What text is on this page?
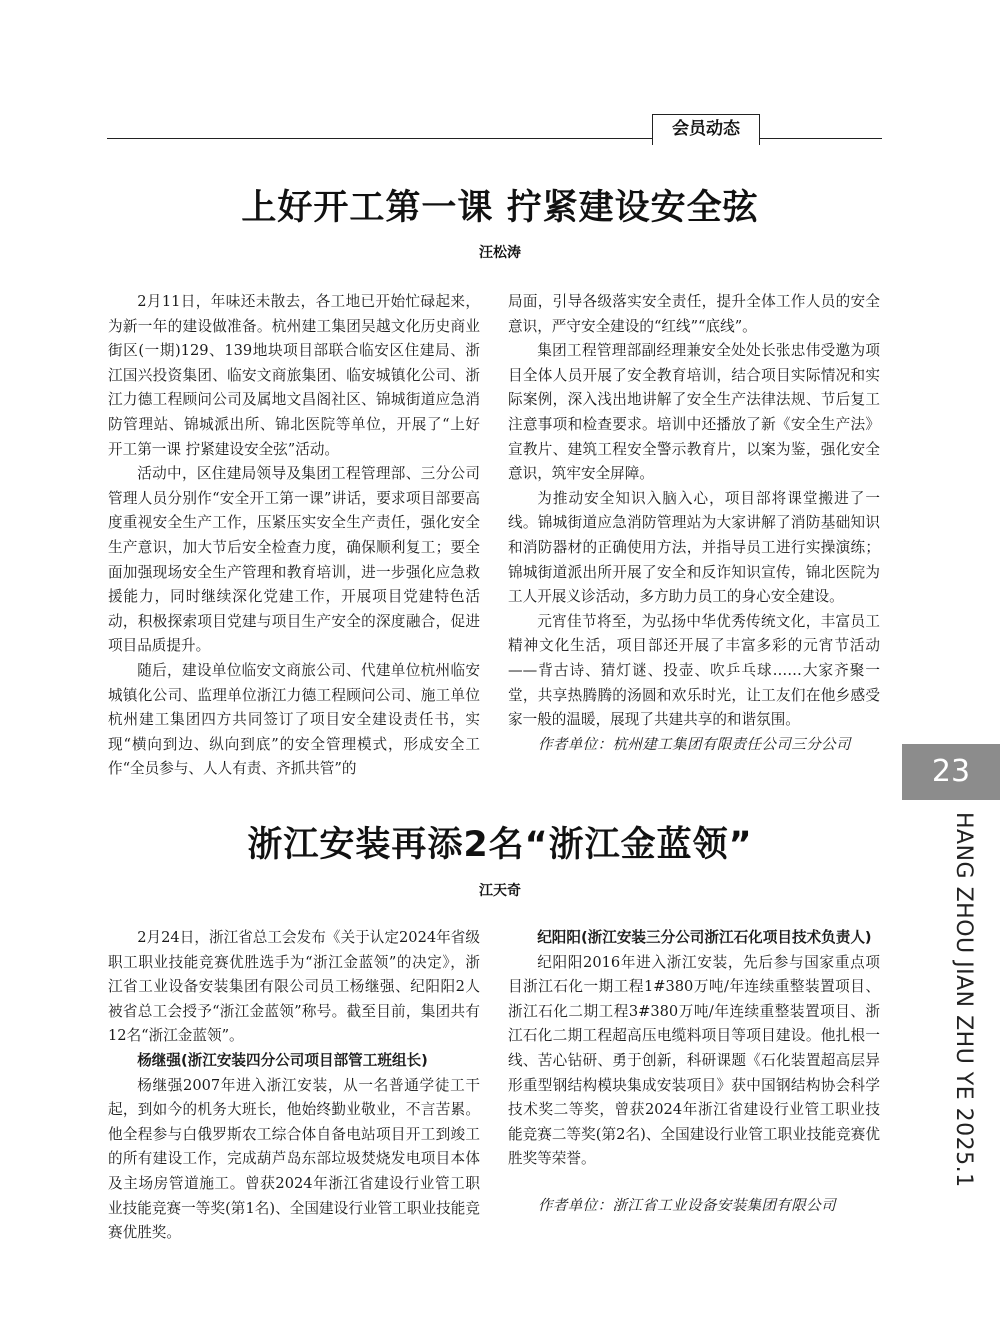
会员动态
上好开工第一课 拧紧建设安全弦
汪松涛

2月11日，年味还未散去，各工地已开始忙碌起来，为新一年的建设做准备。杭州建工集团吴越文化历史商业街区(一期)129、139地块项目部联合临安区住建局、浙江国兴投资集团、临安文商旅集团、临安城镇化公司、浙江力德工程顾问公司及属地文昌阁社区、锦城街道应急消防管理站、锦城派出所、锦北医院等单位，开展了“上好开工第一课 拧紧建设安全弦”活动。

活动中，区住建局领导及集团工程管理部、三分公司管理人员分别作“安全开工第一课”讲话，要求项目部要高度重视安全生产工作，压紧压实安全生产责任，强化安全生产意识，加大节后安全检查力度，确保顺利复工；要全面加强现场安全生产管理和教育培训，进一步强化应急救援能力，同时继续深化党建工作，开展项目党建特色活动，积极探索项目党建与项目生产安全的深度融合，促进项目品质提升。

随后，建设单位临安文商旅公司、代建单位杭州临安城镇化公司、监理单位浙江力德工程顾问公司、施工单位杭州建工集团四方共同签订了项目安全建设责任书，实现“横向到边、纵向到底”的安全管理模式，形成安全工作“全员参与、人人有责、齐抓共管”的

局面，引导各级落实安全责任，提升全体工作人员的安全意识，严守安全建设的“红线”“底线”。

集团工程管理部副经理兼安全处处长张忠伟受邀为项目全体人员开展了安全教育培训，结合项目实际情况和实际案例，深入浅出地讲解了安全生产法律法规、节后复工注意事项和检查要求。培训中还播放了新《安全生产法》宣教片、建筑工程安全警示教育片，以案为鉴，强化安全意识，筑牢安全屏障。

为推动安全知识入脑入心，项目部将课堂搬进了一线。锦城街道应急消防管理站为大家讲解了消防基础知识和消防器材的正确使用方法，并指导员工进行实操演练；锦城街道派出所开展了安全和反诈知识宣传，锦北医院为工人开展义诊活动，多方助力员工的身心安全建设。

元宵佳节将至，为弘扬中华优秀传统文化，丰富员工精神文化生活，项目部还开展了丰富多彩的元宵节活动——背古诗、猜灯谜、投壶、吹乒乓球……大家齐聚一堂，共享热腾腾的汤圆和欢乐时光，让工友们在他乡感受家一般的温暖，展现了共建共享的和谐氛围。

作者单位：杭州建工集团有限责任公司三分公司

浙江安装再添2名“浙江金蓝领”
江天奇

2月24日，浙江省总工会发布《关于认定2024年省级职工职业技能竞赛优胜选手为“浙江金蓝领”的决定》，浙江省工业设备安装集团有限公司员工杨继强、纪阳阳2人被省总工会授予“浙江金蓝领”称号。截至目前，集团共有12名“浙江金蓝领”。

杨继强(浙江安装四分公司项目部管工班组长)

杨继强2007年进入浙江安装，从一名普通学徒工干起，到如今的机务大班长，他始终勤业敬业，不言苦累。他全程参与白俄罗斯农工综合体自备电站项目开工到竣工的所有建设工作，完成葫芦岛东部垃圾焚烧发电项目本体及主场房管道施工。曾获2024年浙江省建设行业管工职业技能竞赛一等奖(第1名)、全国建设行业管工职业技能竞赛优胜奖。

纪阳阳(浙江安装三分公司浙江石化项目技术负责人)

纪阳阳2016年进入浙江安装，先后参与国家重点项目浙江石化一期工程1#380万吨/年连续重整装置项目、浙江石化二期工程3#380万吨/年连续重整装置项目、浙江石化二期工程超高压电缆料项目等项目建设。他扎根一线、苦心钻研、勇于创新，科研课题《石化装置超高层异形重型钢结构模块集成安装项目》获中国钢结构协会科学技术奖二等奖，曾获2024年浙江省建设行业管工职业技能竞赛二等奖(第2名)、全国建设行业管工职业技能竞赛优胜奖等荣誉。

作者单位：浙江省工业设备安装集团有限公司

23
HANG ZHOU JIAN ZHU YE 2025.1
